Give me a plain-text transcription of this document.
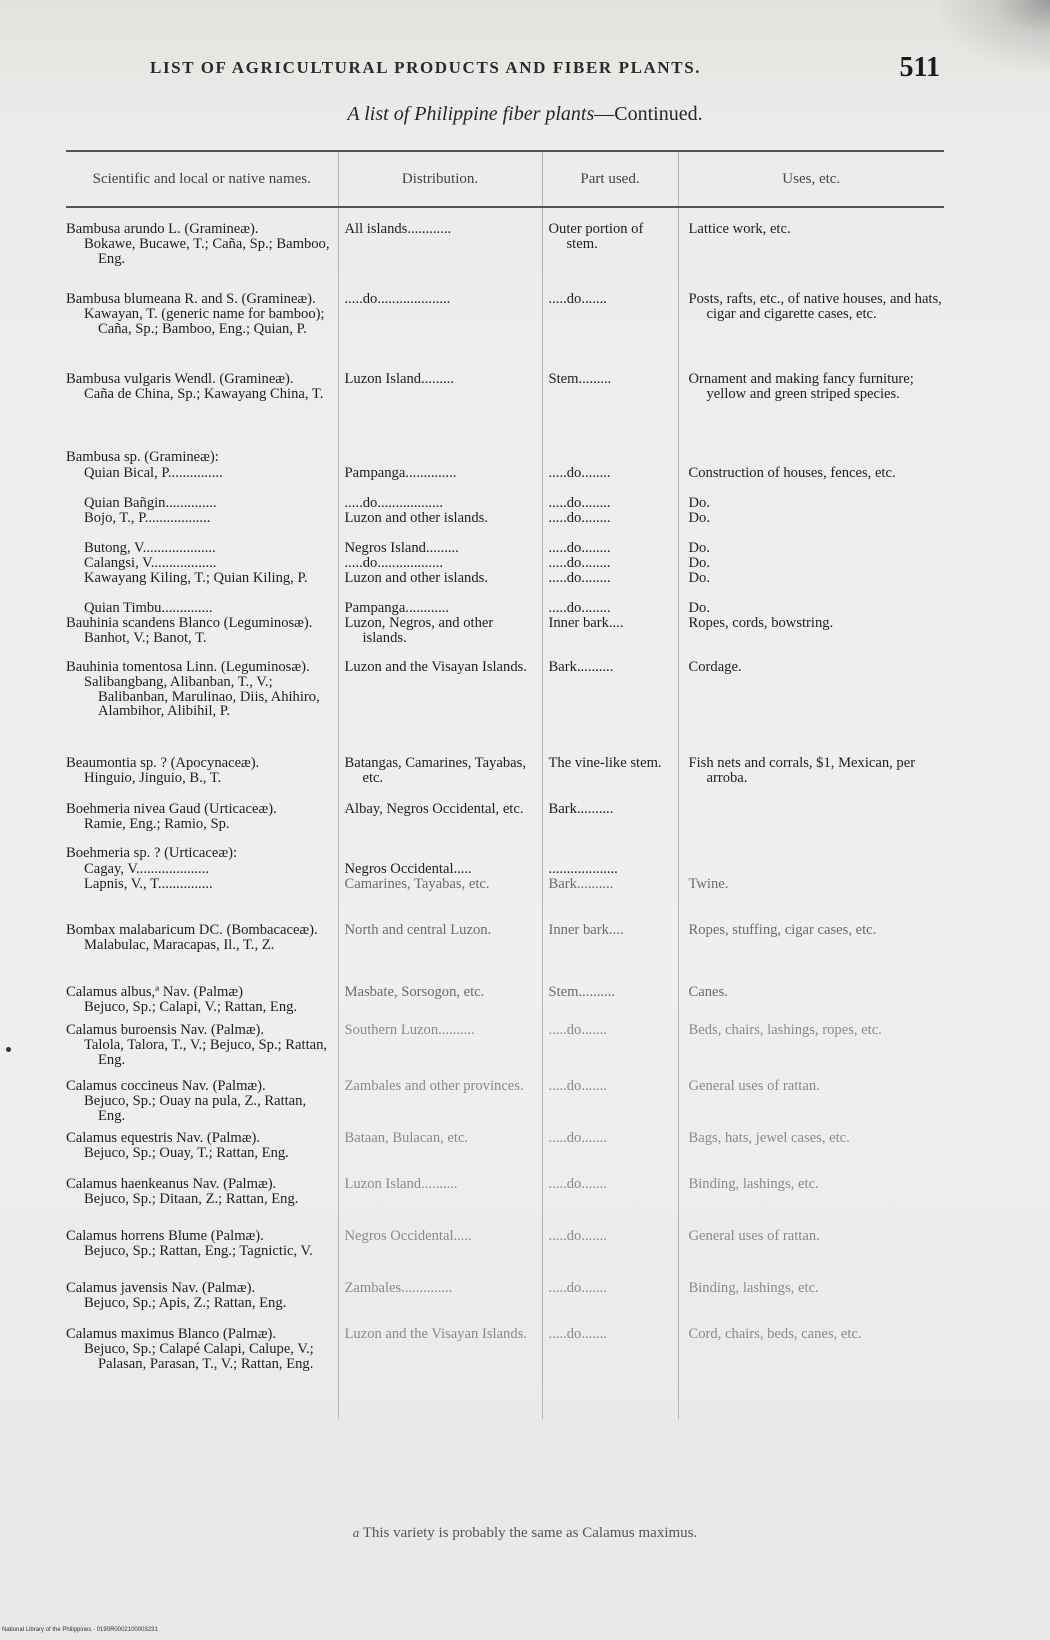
LIST OF AGRICULTURAL PRODUCTS AND FIBER PLANTS.	511
A list of Philippine fiber plants—Continued.
Scientific and local or native names.	Distribution.	Part used.	Uses, etc.

Bambusa arundo L. (Gramineæ).
Bokawe, Bucawe, T.; Caña, Sp.; Bamboo, Eng.	All islands............	Outer portion of stem.	Lattice work, etc.

Bambusa blumeana R. and S. (Gramineæ).
Kawayan, T. (generic name for bamboo); Caña, Sp.; Bamboo, Eng.; Quian, P.	.....do....................	.....do.......	Posts, rafts, etc., of native houses, and hats, cigar and cigarette cases, etc.

Bambusa vulgaris Wendl. (Gramineæ).
Caña de China, Sp.; Kawayang China, T.	Luzon Island.........	Stem.........	Ornament and making fancy furniture; yellow and green striped species.

Bambusa sp. (Gramineæ):			

Quian Bical, P...............	Pampanga..............	.....do........	Construction of houses, fences, etc.

Quian Bañgin..............	.....do..................	.....do........	Do.

Bojo, T., P..................	Luzon and other islands.	.....do........	Do.

Butong, V....................	Negros Island.........	.....do........	Do.

Calangsi, V..................	.....do..................	.....do........	Do.

Kawayang Kiling, T.; Quian Kiling, P.	Luzon and other islands.	.....do........	Do.

Quian Timbu..............	Pampanga............	.....do........	Do.

Bauhinia scandens Blanco (Leguminosæ).
Banhot, V.; Banot, T.	Luzon, Negros, and other islands.	Inner bark....	Ropes, cords, bowstring.

Bauhinia tomentosa Linn. (Leguminosæ).
Salibangbang, Alibanban, T., V.; Balibanban, Marulinao, Diis, Ahihiro, Alambihor, Alibihil, P.	Luzon and the Visayan Islands.	Bark..........	Cordage.

Beaumontia sp. ? (Apocynaceæ).
Hinguio, Jinguio, B., T.	Batangas, Camarines, Tayabas, etc.	The vine-like stem.	Fish nets and corrals, $1, Mexican, per arroba.

Boehmeria nivea Gaud (Urticaceæ).
Ramie, Eng.; Ramio, Sp.	Albay, Negros Occidental, etc.	Bark..........	

Boehmeria sp. ? (Urticaceæ):			

Cagay, V....................	Negros Occidental.....	...................	

Lapnis, V., T...............	Camarines, Tayabas, etc.	Bark..........	Twine.

Bombax malabaricum DC. (Bombacaceæ).
Malabulac, Maracapas, Il., T., Z.	North and central Luzon.	Inner bark....	Ropes, stuffing, cigar cases, etc.

Calamus albus,ª Nav. (Palmæ)
Bejuco, Sp.; Calapi, V.; Rattan, Eng.	Masbate, Sorsogon, etc.	Stem..........	Canes.

Calamus buroensis Nav. (Palmæ).
Talola, Talora, T., V.; Bejuco, Sp.; Rattan, Eng.	Southern Luzon..........	.....do.......	Beds, chairs, lashings, ropes, etc.

Calamus coccineus Nav. (Palmæ).
Bejuco, Sp.; Ouay na pula, Z., Rattan, Eng.	Zambales and other provinces.	.....do.......	General uses of rattan.

Calamus equestris Nav. (Palmæ).
Bejuco, Sp.; Ouay, T.; Rattan, Eng.	Bataan, Bulacan, etc.	.....do.......	Bags, hats, jewel cases, etc.

Calamus haenkeanus Nav. (Palmæ).
Bejuco, Sp.; Ditaan, Z.; Rattan, Eng.	Luzon Island..........	.....do.......	Binding, lashings, etc.

Calamus horrens Blume (Palmæ).
Bejuco, Sp.; Rattan, Eng.; Tagnictic, V.	Negros Occidental.....	.....do.......	General uses of rattan.

Calamus javensis Nav. (Palmæ).
Bejuco, Sp.; Apis, Z.; Rattan, Eng.	Zambales..............	.....do.......	Binding, lashings, etc.

Calamus maximus Blanco (Palmæ).
Bejuco, Sp.; Calapé Calapi, Calupe, V.; Palasan, Parasan, T., V.; Rattan, Eng.	Luzon and the Visayan Islands.	.....do.......	Cord, chairs, beds, canes, etc.
a This variety is probably the same as Calamus maximus.
National Library of the Philippines · 0190R0002100003231
